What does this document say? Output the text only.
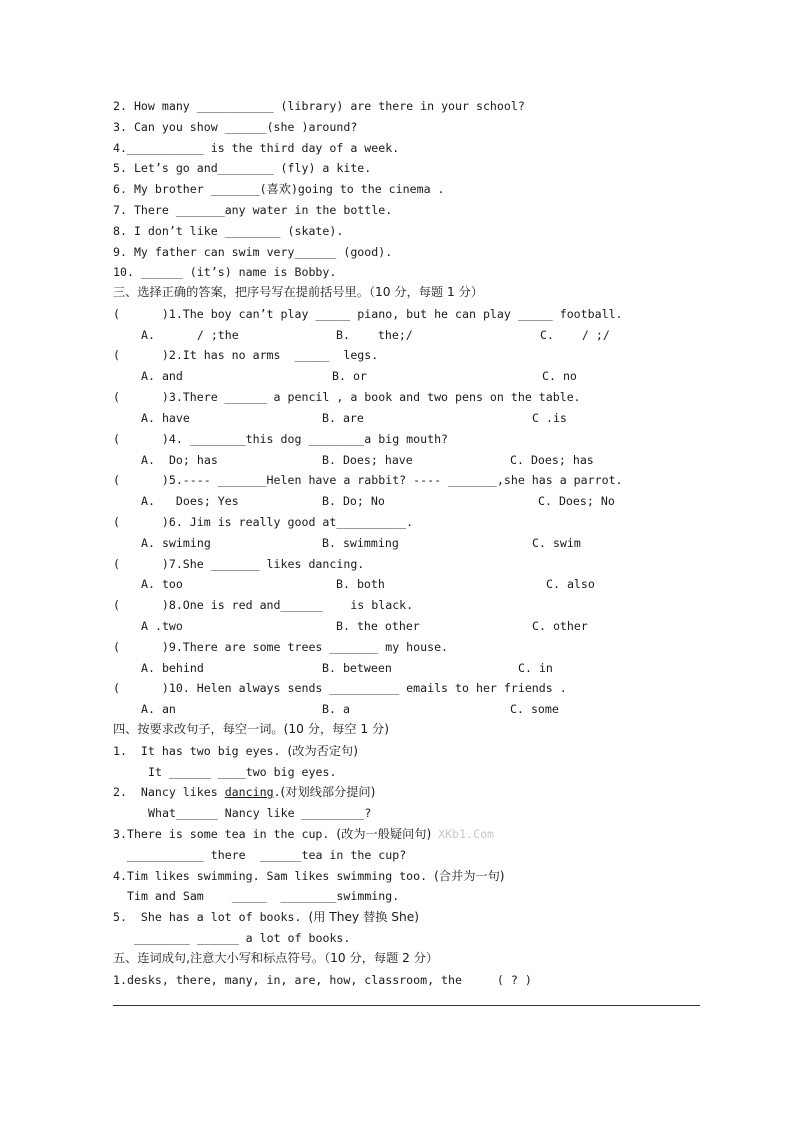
2. How many ___________ (library) are there in your school?
3. Can you show ______(she )around?
4.___________ is the third day of a week.
5. Let’s go and________ (fly) a kite.
6. My brother _______(喜欢)going to the cinema .
7. There _______any water in the bottle.
8. I don’t like ________ (skate).
9. My father can swim very______ (good).
10. ______ (it’s) name is Bobby.
三、选择正确的答案，把序号写在提前括号里。（10 分，每题 1 分）
(      )1.The boy can’t play _____ piano, but he can play _____ football.
A.	/ ;the	B. the;/	C. / ;/
(      )2.It has no arms  _____  legs.
A. and	B. or	C. no
(      )3.There ______ a pencil , a book and two pens on the table.
A. have	B. are	C .is
(      )4. ________this dog ________a big mouth?
A. Do; has	B. Does; have	C. Does; has
(      )5.---- _______Helen have a rabbit? ---- _______,she has a parrot.
A. Does; Yes	B. Do; No	C. Does; No
(      )6. Jim is really good at__________.
A. swiming	B. swimming	C. swim
(      )7.She _______ likes dancing.
A. too	B. both	C. also
(      )8.One is red and______    is black.
A .two	B. the other	C. other
(      )9.There are some trees _______ my house.
A. behind	B. between	C. in
(      )10. Helen always sends __________ emails to her friends .
A. an	B. a	C. some
四、按要求改句子，每空一词。(10 分，每空 1 分)
1.  It has two big eyes. (改为否定句)
It ______ ____two big eyes.
2.  Nancy likes dancing.(对划线部分提问)
What______ Nancy like _________?
3.There is some tea in the cup. (改为一般疑问句) XKb1.Com
___________ there  ______tea in the cup?
4.Tim likes swimming. Sam likes swimming too. (合并为一句)
Tim and Sam    _____  ________swimming.
5.  She has a lot of books. (用 They 替换 She)
________ ______ a lot of books.
五、连词成句,注意大小写和标点符号。（10 分，每题 2 分）
1.desks, there, many, in, are, how, classroom, the     ( ? )
